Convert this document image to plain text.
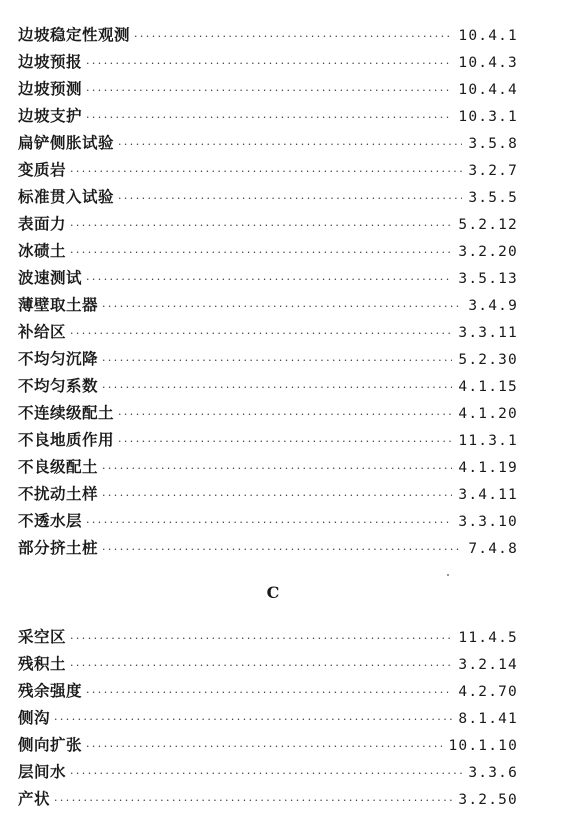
边坡稳定性观测 ·····	10.4.1
边坡预报 ·····	10.4.3
边坡预测 ·····	10.4.4
边坡支护 ·····	10.3.1
扁铲侧胀试验 ·····	3.5.8
变质岩 ·····	3.2.7
标准贯入试验 ·····	3.5.5
表面力 ·····	5.2.12
冰碛土 ·····	3.2.20
波速测试 ·····	3.5.13
薄壁取土器 ·····	3.4.9
补给区 ·····	3.3.11
不均匀沉降 ·····	5.2.30
不均匀系数 ·····	4.1.15
不连续级配土 ·····	4.1.20
不良地质作用 ·····	11.3.1
不良级配土 ·····	4.1.19
不扰动土样 ·····	3.4.11
不透水层 ·····	3.3.10
部分挤土桩 ·····	7.4.8
C
采空区 ·····	11.4.5
残积土 ·····	3.2.14
残余强度 ·····	4.2.70
侧沟 ·····	8.1.41
侧向扩张 ·····	10.1.10
层间水 ·····	3.3.6
产状 ·····	3.2.50
